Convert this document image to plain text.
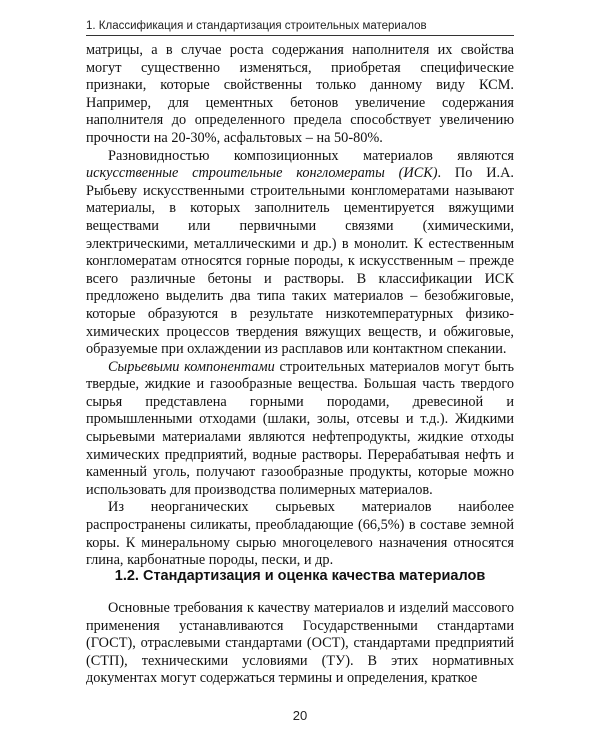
1. Классификация и стандартизация строительных материалов

матрицы, а в случае роста содержания наполнителя их свойства могут существенно изменяться, приобретая специфические признаки, которые свойственны только данному виду КСМ. Например, для цементных бетонов увеличение содержания наполнителя до определенного предела способствует увеличению прочности на 20-30%, асфальтовых – на 50-80%.

Разновидностью композиционных материалов являются искусственные строительные конгломераты (ИСК). По И.А. Рыбьеву искусственными строительными конгломератами называют материалы, в которых заполнитель цементируется вяжущими веществами или первичными связями (химическими, электрическими, металлическими и др.) в монолит. К естественным конгломератам относятся горные породы, к искусственным – прежде всего различные бетоны и растворы. В классификации ИСК предложено выделить два типа таких материалов – безобжиговые, которые образуются в результате низкотемпературных физико-химических процессов твердения вяжущих веществ, и обжиговые, образуемые при охлаждении из расплавов или контактном спекании.

Сырьевыми компонентами строительных материалов могут быть твердые, жидкие и газообразные вещества. Большая часть твердого сырья представлена горными породами, древесиной и промышленными отходами (шлаки, золы, отсевы и т.д.). Жидкими сырьевыми материалами являются нефтепродукты, жидкие отходы химических предприятий, водные растворы. Перерабатывая нефть и каменный уголь, получают газообразные продукты, которые можно использовать для производства полимерных материалов.

Из неорганических сырьевых материалов наиболее распространены силикаты, преобладающие (66,5%) в составе земной коры. К минеральному сырью многоцелевого назначения относятся глина, карбонатные породы, пески, и др.

1.2. Стандартизация и оценка качества материалов

Основные требования к качеству материалов и изделий массового применения устанавливаются Государственными стандартами (ГОСТ), отраслевыми стандартами (ОСТ), стандартами предприятий (СТП), техническими условиями (ТУ). В этих нормативных документах могут содержаться термины и определения, краткое

20
